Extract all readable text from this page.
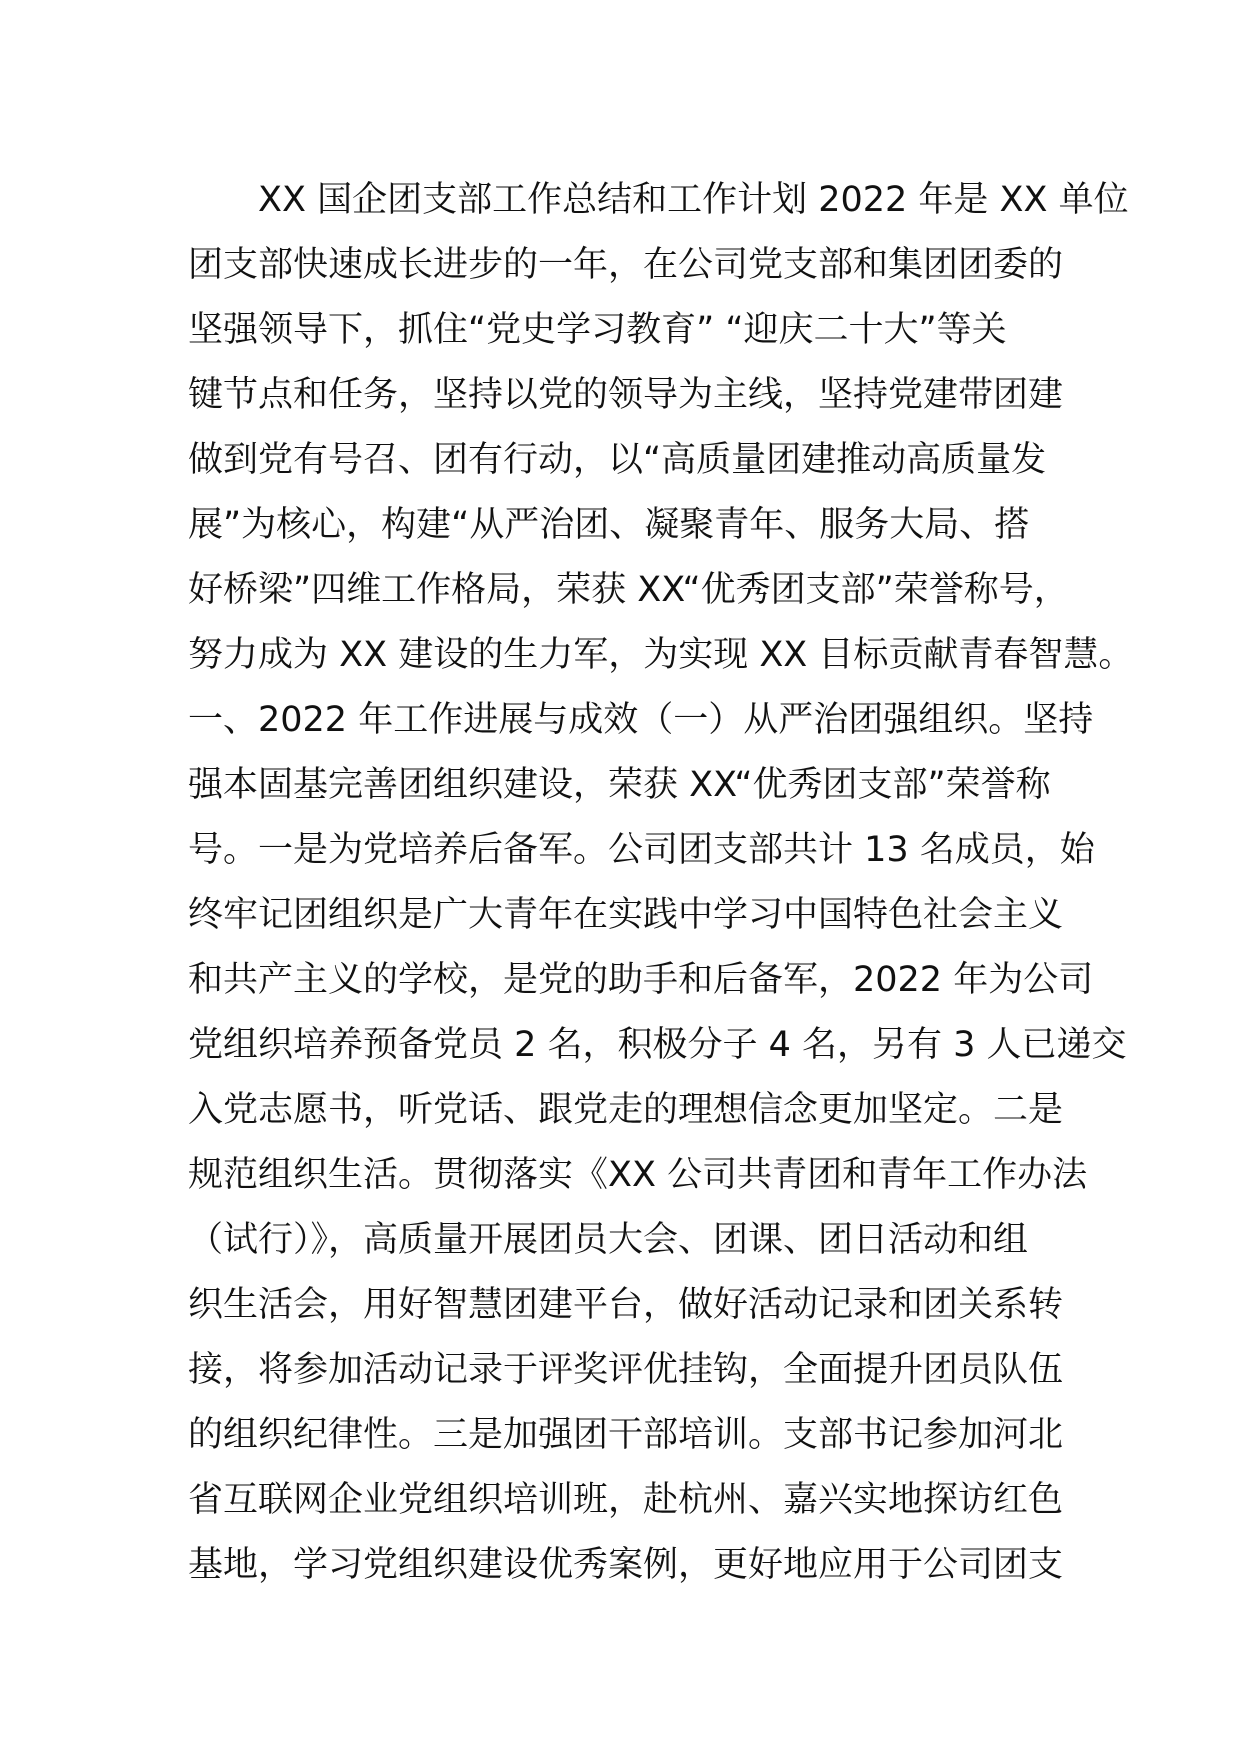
　　XX 国企团支部工作总结和工作计划 2022 年是 XX 单位
团支部快速成长进步的一年，在公司党支部和集团团委的
坚强领导下，抓住“党史学习教育” “迎庆二十大”等关
键节点和任务，坚持以党的领导为主线，坚持党建带团建
做到党有号召、团有行动，以“高质量团建推动高质量发
展”为核心，构建“从严治团、凝聚青年、服务大局、搭
好桥梁”四维工作格局，荣获 XX“优秀团支部”荣誉称号，
努力成为 XX 建设的生力军，为实现 XX 目标贡献青春智慧。
一、2022 年工作进展与成效（一）从严治团强组织。坚持
强本固基完善团组织建设，荣获 XX“优秀团支部”荣誉称
号。一是为党培养后备军。公司团支部共计 13 名成员，始
终牢记团组织是广大青年在实践中学习中国特色社会主义
和共产主义的学校，是党的助手和后备军，2022 年为公司
党组织培养预备党员 2 名，积极分子 4 名，另有 3 人已递交
入党志愿书，听党话、跟党走的理想信念更加坚定。二是
规范组织生活。贯彻落实《XX 公司共青团和青年工作办法
（试行）》，高质量开展团员大会、团课、团日活动和组
织生活会，用好智慧团建平台，做好活动记录和团关系转
接，将参加活动记录于评奖评优挂钩，全面提升团员队伍
的组织纪律性。三是加强团干部培训。支部书记参加河北
省互联网企业党组织培训班，赴杭州、嘉兴实地探访红色
基地，学习党组织建设优秀案例，更好地应用于公司团支
